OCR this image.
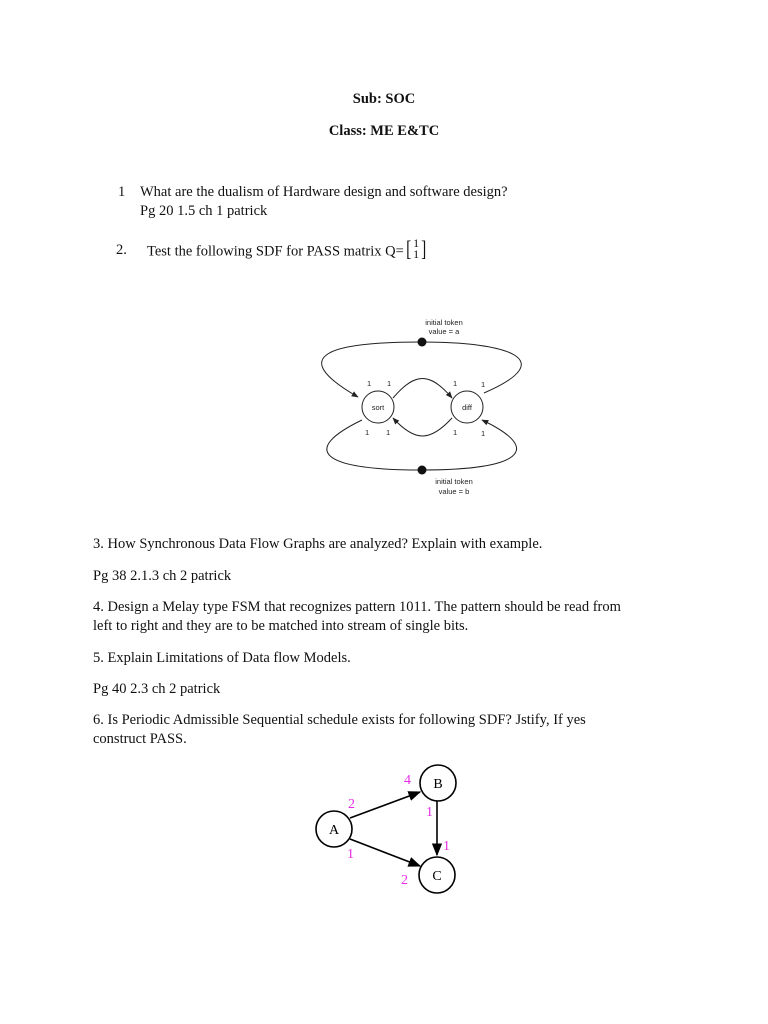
Sub: SOC
Class: ME E&TC
1 What are the dualism of Hardware design and software design?
Pg 20 1.5 ch 1 patrick
2. Test the following SDF for PASS matrix Q=[ 1
1]
sort	diff
initial token
value = a
initial token
value = b
1 1	1	1
1 1	1	1
A
B
C
2
4
1
1
1
2
3. How Synchronous Data Flow Graphs are analyzed? Explain with example.
Pg 38 2.1.3 ch 2 patrick
4. Design a Melay type FSM that recognizes pattern 1011. The pattern should be read from
left to right and they are to be matched into stream of single bits.
5. Explain Limitations of Data flow Models.
Pg 40 2.3 ch 2 patrick
6. Is Periodic Admissible Sequential schedule exists for following SDF? Jstify, If yes
construct PASS.
